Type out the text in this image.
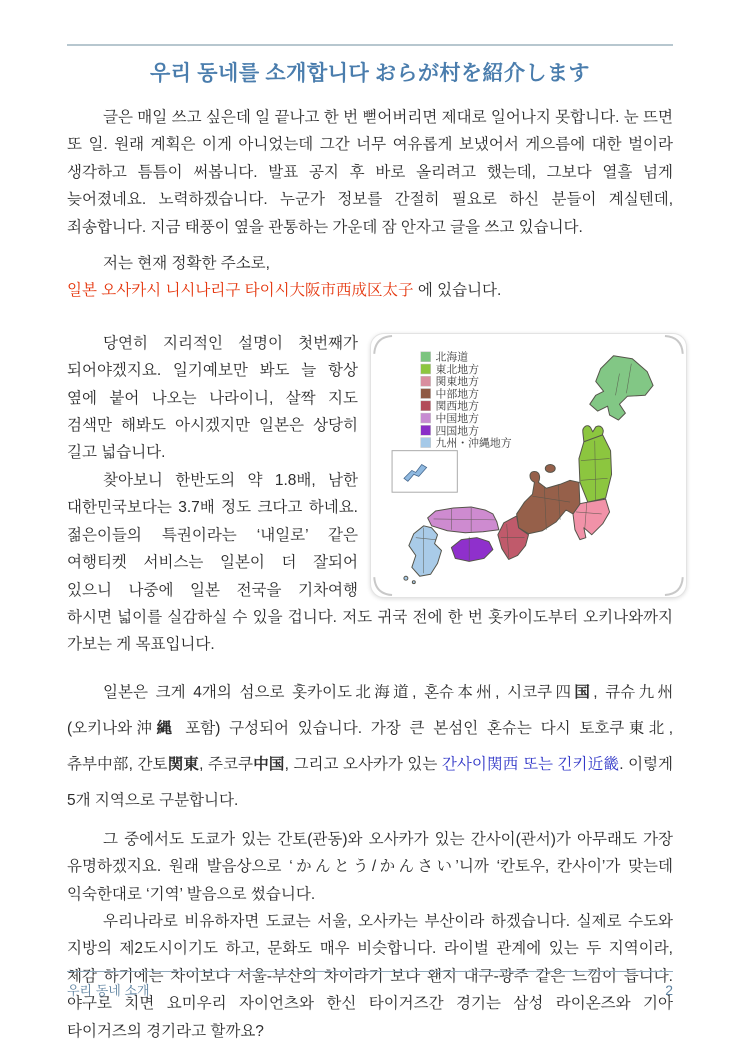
우리 동네를 소개합니다 おらが村を紹介します

글은 매일 쓰고 싶은데 일 끝나고 한 번 뻗어버리면 제대로 일어나지 못합니다. 눈 뜨면 또 일. 원래 계획은 이게 아니었는데 그간 너무 여유롭게 보냈어서 게으름에 대한 벌이라 생각하고 틈틈이 써봅니다. 발표 공지 후 바로 올리려고 했는데, 그보다 열흘 넘게 늦어졌네요. 노력하겠습니다. 누군가 정보를 간절히 필요로 하신 분들이 계실텐데, 죄송합니다. 지금 태풍이 옆을 관통하는 가운데 잠 안자고 글을 쓰고 있습니다.

저는 현재 정확한 주소로,
일본 오사카시 니시나리구 타이시大阪市西成区太子 에 있습니다.

北海道
東北地方
関東地方
中部地方
関西地方
中国地方
四国地方
九州・沖縄地方

당연히 지리적인 설명이 첫번째가 되어야겠지요. 일기예보만 봐도 늘 항상 옆에 붙어 나오는 나라이니, 살짝 지도 검색만 해봐도 아시겠지만 일본은 상당히 길고 넓습니다.

찾아보니 한반도의 약 1.8배, 남한 대한민국보다는 3.7배 정도 크다고 하네요. 젊은이들의 특권이라는 ‘내일로’ 같은 여행티켓 서비스는 일본이 더 잘되어 있으니 나중에 일본 전국을 기차여행 하시면 넓이를 실감하실 수 있을 겁니다. 저도 귀국 전에 한 번 홋카이도부터 오키나와까지 가보는 게 목표입니다.

일본은 크게 4개의 섬으로 홋카이도北海道, 혼슈本州, 시코쿠四国, 큐슈九州(오키나와沖縄 포함) 구성되어 있습니다. 가장 큰 본섬인 혼슈는 다시 토호쿠東北, 츄부中部, 간토関東, 주코쿠中国, 그리고 오사카가 있는 간사이関西 또는 긴키近畿. 이렇게 5개 지역으로 구분합니다.

그 중에서도 도쿄가 있는 간토(관동)와 오사카가 있는 간사이(관서)가 아무래도 가장 유명하겠지요. 원래 발음상으로 ‘かんとう/かんさい’니까 ‘칸토우, 칸사이’가 맞는데 익숙한대로 ‘기역’ 발음으로 썼습니다.

우리나라로 비유하자면 도쿄는 서울, 오사카는 부산이라 하겠습니다. 실제로 수도와 지방의 제2도시이기도 하고, 문화도 매우 비슷합니다. 라이벌 관계에 있는 두 지역이라, 체감 하기에는 차이보다 서울-부산의 차이라기 보다 왠지 대구-광주 같은 느낌이 듭니다. 야구로 치면 요미우리 자이언츠와 한신 타이거즈간 경기는 삼성 라이온즈와 기아 타이거즈의 경기라고 할까요?

우리 동네 소개	2
